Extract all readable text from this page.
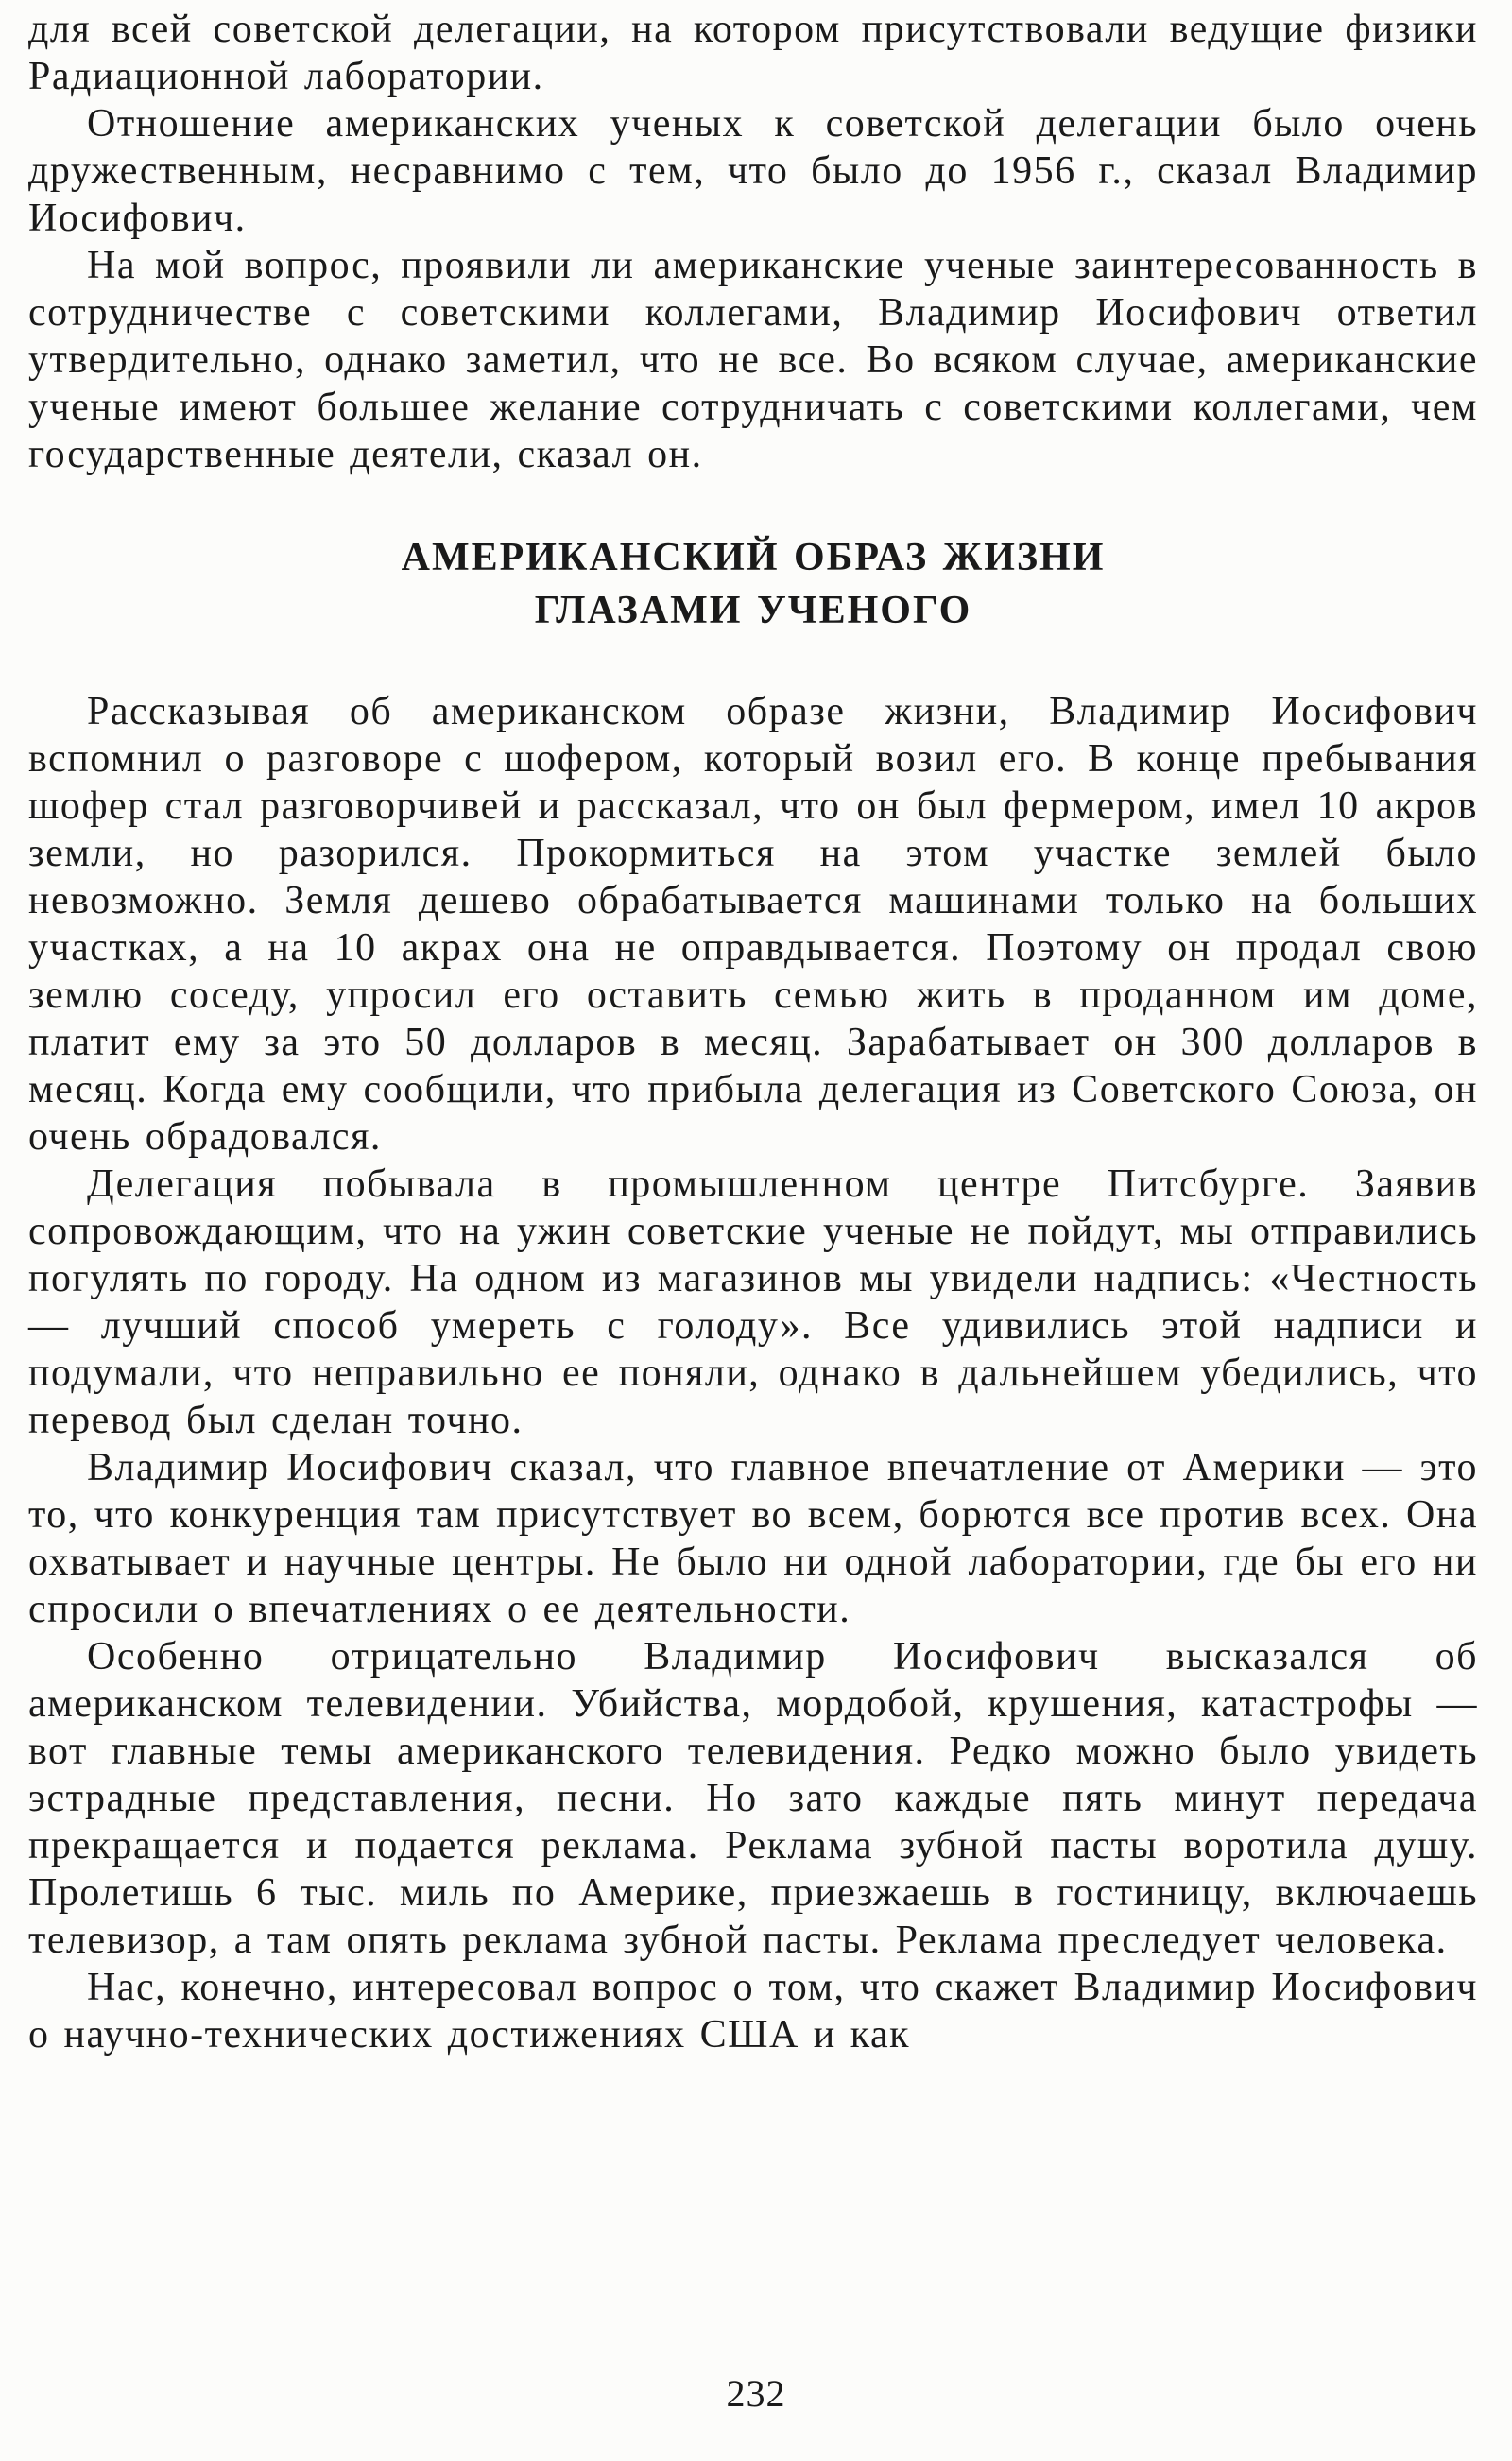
для всей советской делегации, на котором присутствовали ведущие физики Радиационной лаборатории.

Отношение американских ученых к советской делегации было очень дружественным, несравнимо с тем, что было до 1956 г., сказал Владимир Иосифович.

На мой вопрос, проявили ли американские ученые заинтересованность в сотрудничестве с советскими коллегами, Владимир Иосифович ответил утвердительно, однако заметил, что не все. Во всяком случае, американские ученые имеют большее желание сотрудничать с советскими коллегами, чем государственные деятели, сказал он.

АМЕРИКАНСКИЙ ОБРАЗ ЖИЗНИ
ГЛАЗАМИ УЧЕНОГО

Рассказывая об американском образе жизни, Владимир Иосифович вспомнил о разговоре с шофером, который возил его. В конце пребывания шофер стал разговорчивей и рассказал, что он был фермером, имел 10 акров земли, но разорился. Прокормиться на этом участке землей было невозможно. Земля дешево обрабатывается машинами только на больших участках, а на 10 акрах она не оправдывается. Поэтому он продал свою землю соседу, упросил его оставить семью жить в проданном им доме, платит ему за это 50 долларов в месяц. Зарабатывает он 300 долларов в месяц. Когда ему сообщили, что прибыла делегация из Советского Союза, он очень обрадовался.

Делегация побывала в промышленном центре Питсбурге. Заявив сопровождающим, что на ужин советские ученые не пойдут, мы отправились погулять по городу. На одном из магазинов мы увидели надпись: «Честность — лучший способ умереть с голоду». Все удивились этой надписи и подумали, что неправильно ее поняли, однако в дальнейшем убедились, что перевод был сделан точно.

Владимир Иосифович сказал, что главное впечатление от Америки — это то, что конкуренция там присутствует во всем, борются все против всех. Она охватывает и научные центры. Не было ни одной лаборатории, где бы его ни спросили о впечатлениях о ее деятельности.

Особенно отрицательно Владимир Иосифович высказался об американском телевидении. Убийства, мордобой, крушения, катастрофы — вот главные темы американского телевидения. Редко можно было увидеть эстрадные представления, песни. Но зато каждые пять минут передача прекращается и подается реклама. Реклама зубной пасты воротила душу. Пролетишь 6 тыс. миль по Америке, приезжаешь в гостиницу, включаешь телевизор, а там опять реклама зубной пасты. Реклама преследует человека.

Нас, конечно, интересовал вопрос о том, что скажет Владимир Иосифович о научно-технических достижениях США и как

232
